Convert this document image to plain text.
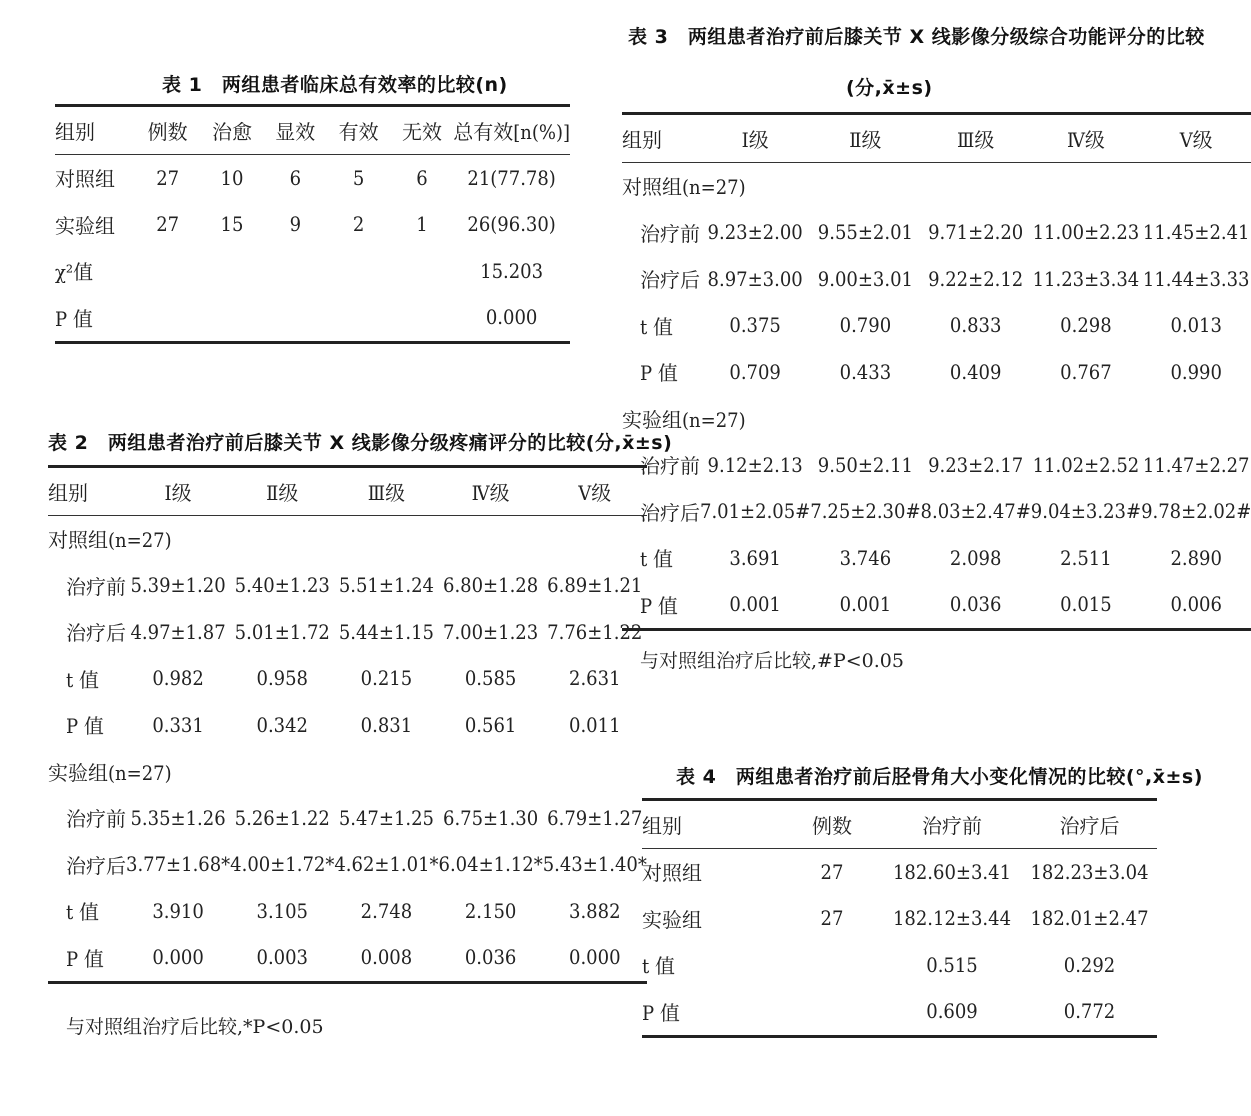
表 1　两组患者临床总有效率的比较(n)
组别	例数	治愈	显效	有效	无效	总有效[n(%)]
对照组	27	10	6	5	6	21(77.78)
实验组	27	15	9	2	1	26(96.30)
χ²值						15.203
P 值						0.000
表 2　两组患者治疗前后膝关节 X 线影像分级疼痛评分的比较(分,x̄±s)
组别	Ⅰ级	Ⅱ级	Ⅲ级	Ⅳ级	Ⅴ级
对照组(n=27)					
治疗前	5.39±1.20	5.40±1.23	5.51±1.24	6.80±1.28	6.89±1.21
治疗后	4.97±1.87	5.01±1.72	5.44±1.15	7.00±1.23	7.76±1.22
t 值	0.982	0.958	0.215	0.585	2.631
P 值	0.331	0.342	0.831	0.561	0.011
实验组(n=27)					
治疗前	5.35±1.26	5.26±1.22	5.47±1.25	6.75±1.30	6.79±1.27
治疗后	3.77±1.68*	4.00±1.72*	4.62±1.01*	6.04±1.12*	5.43±1.40*
t 值	3.910	3.105	2.748	2.150	3.882
P 值	0.000	0.003	0.008	0.036	0.000
与对照组治疗后比较,*P<0.05
表 3　两组患者治疗前后膝关节 X 线影像分级综合功能评分的比较
(分,x̄±s)
组别	Ⅰ级	Ⅱ级	Ⅲ级	Ⅳ级	Ⅴ级
对照组(n=27)					
治疗前	9.23±2.00	9.55±2.01	9.71±2.20	11.00±2.23	11.45±2.41
治疗后	8.97±3.00	9.00±3.01	9.22±2.12	11.23±3.34	11.44±3.33
t 值	0.375	0.790	0.833	0.298	0.013
P 值	0.709	0.433	0.409	0.767	0.990
实验组(n=27)					
治疗前	9.12±2.13	9.50±2.11	9.23±2.17	11.02±2.52	11.47±2.27
治疗后	7.01±2.05#	7.25±2.30#	8.03±2.47#	9.04±3.23#	9.78±2.02#
t 值	3.691	3.746	2.098	2.511	2.890
P 值	0.001	0.001	0.036	0.015	0.006
与对照组治疗后比较,#P<0.05
表 4　两组患者治疗前后胫骨角大小变化情况的比较(°,x̄±s)
组别	例数	治疗前	治疗后
对照组	27	182.60±3.41	182.23±3.04
实验组	27	182.12±3.44	182.01±2.47
t 值		0.515	0.292
P 值		0.609	0.772
